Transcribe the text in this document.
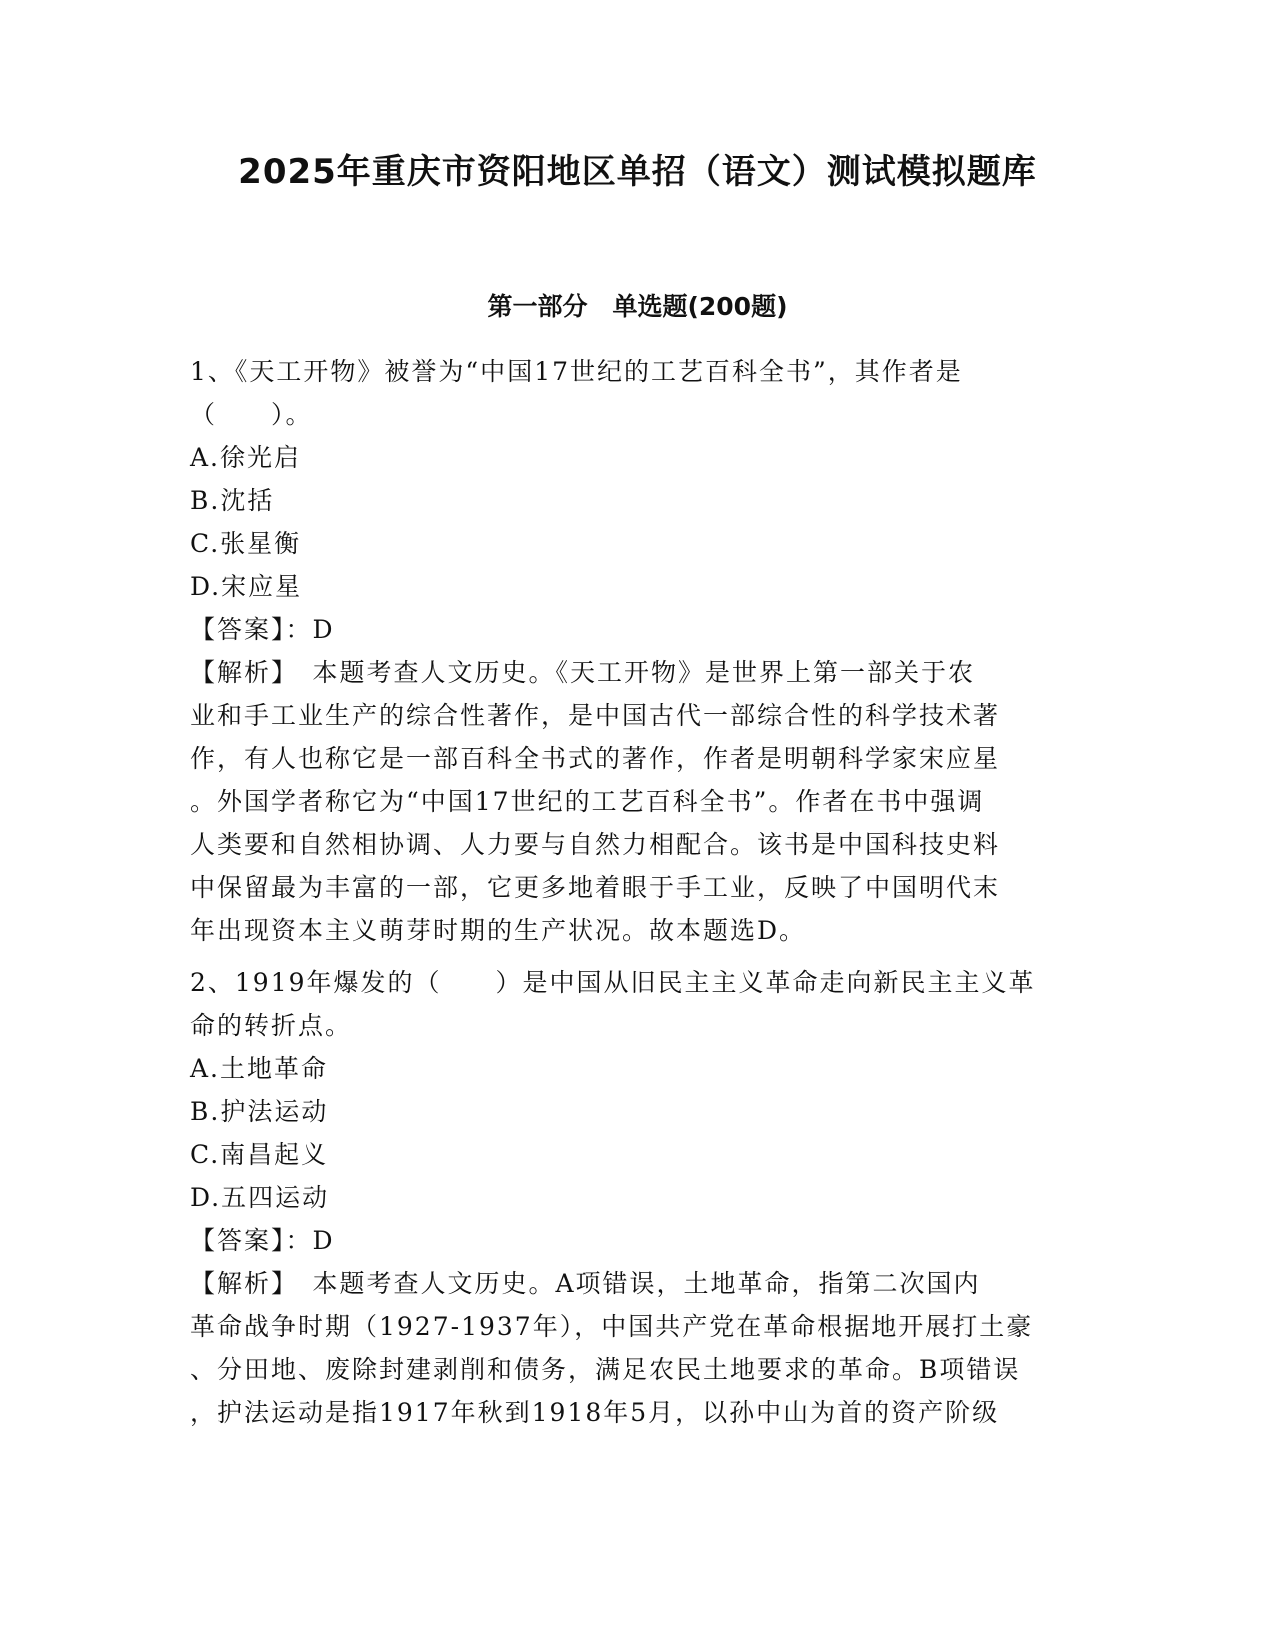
2025年重庆市资阳地区单招（语文）测试模拟题库
第一部分　单选题(200题)
1、《天工开物》被誉为“中国17世纪的工艺百科全书”，其作者是
（　　）。
A.徐光启
B.沈括
C.张星衡
D.宋应星
【答案】：D
【解析】　本题考查人文历史。《天工开物》是世界上第一部关于农
业和手工业生产的综合性著作，是中国古代一部综合性的科学技术著
作，有人也称它是一部百科全书式的著作，作者是明朝科学家宋应星
。外国学者称它为“中国17世纪的工艺百科全书”。作者在书中强调
人类要和自然相协调、人力要与自然力相配合。该书是中国科技史料
中保留最为丰富的一部，它更多地着眼于手工业，反映了中国明代末
年出现资本主义萌芽时期的生产状况。故本题选D。
2、1919年爆发的（　　）是中国从旧民主主义革命走向新民主主义革
命的转折点。
A.土地革命
B.护法运动
C.南昌起义
D.五四运动
【答案】：D
【解析】　本题考查人文历史。A项错误，土地革命，指第二次国内
革命战争时期（1927-1937年），中国共产党在革命根据地开展打土豪
、分田地、废除封建剥削和债务，满足农民土地要求的革命。B项错误
，护法运动是指1917年秋到1918年5月，以孙中山为首的资产阶级
